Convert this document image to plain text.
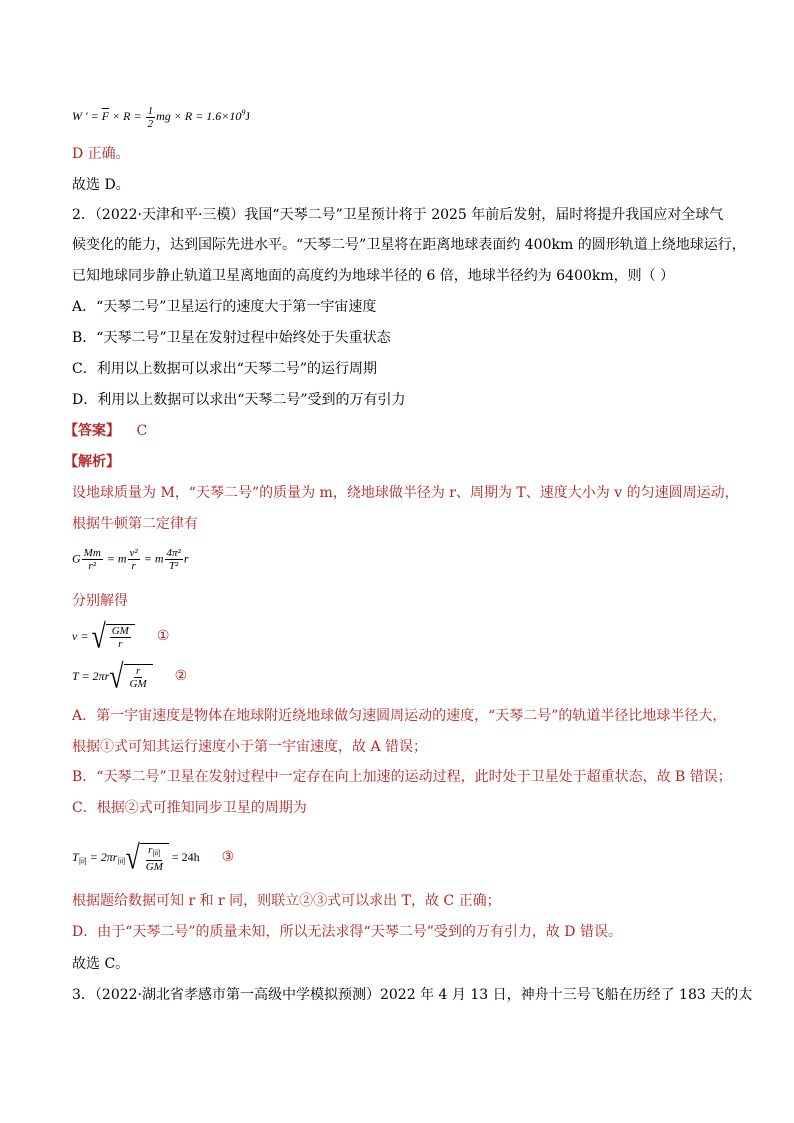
W ′ = $\overline{F} \times R = \frac{1}{2}$ mg × $R = 1.6\times 10^9J$
D 正确。
故选 D。
2．（2022·天津和平·三模）我国“天琴二号”卫星预计将于 2025 年前后发射，届时将提升我国应对全球气
候变化的能力，达到国际先进水平。“天琴二号”卫星将在距离地球表面约 400km 的圆形轨道上绕地球运行，
已知地球同步静止轨道卫星离地面的高度约为地球半径的 6 倍，地球半径约为 6400km，则（ ）
A．“天琴二号”卫星运行的速度大于第一宇宙速度
B．“天琴二号”卫星在发射过程中始终处于失重状态
C．利用以上数据可以求出“天琴二号”的运行周期
D．利用以上数据可以求出“天琴二号”受到的万有引力
【答案】 C
【解析】
设地球质量为 M，“天琴二号”的质量为 m，绕地球做半径为 r、周期为 T、速度大小为 v 的匀速圆周运动，
根据牛顿第二定律有
G $\frac{Mm}{\text{r²}} = m \frac{\text{v²}}{r} = m \frac{\text{4π²}}{\text{T²}}$ r
分别解得
v = √ $\frac{GM}{r}$ ①
T = 2πr √ $\frac{r}{GM}$ ②
A．第一宇宙速度是物体在地球附近绕地球做匀速圆周运动的速度，“天琴二号”的轨道半径比地球半径大，
根据①式可知其运行速度小于第一宇宙速度，故 A 错误；
B．“天琴二号”卫星在发射过程中一定存在向上加速的运动过程，此时处于卫星处于超重状态，故 B 错误；
C．根据②式可推知同步卫星的周期为
$T_同 = 2\pi r_同$ √ $\frac{r_同}{GM} = 24h$ ③
根据题给数据可知 r 和 r 同，则联立②③式可以求出 T，故 C 正确；
D．由于“天琴二号”的质量未知，所以无法求得“天琴二号”受到的万有引力，故 D 错误。
故选 C。
3．（2022·湖北省孝感市第一高级中学模拟预测）2022 年 4 月 13 日，神舟十三号飞船在历经了 183 天的太
